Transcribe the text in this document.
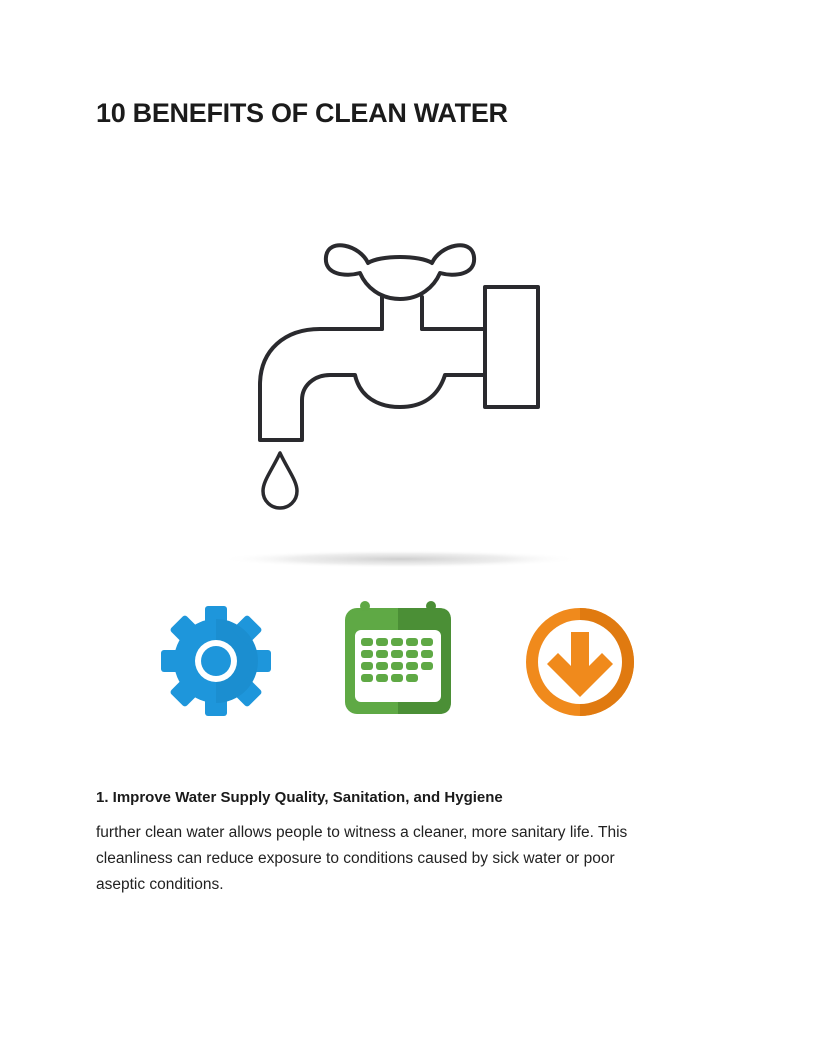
10 BENEFITS OF CLEAN WATER
1. Improve Water Supply Quality, Sanitation, and Hygiene

further clean water allows people to witness a cleaner, more sanitary life. This
cleanliness can reduce exposure to conditions caused by sick water or poor
aseptic conditions.
